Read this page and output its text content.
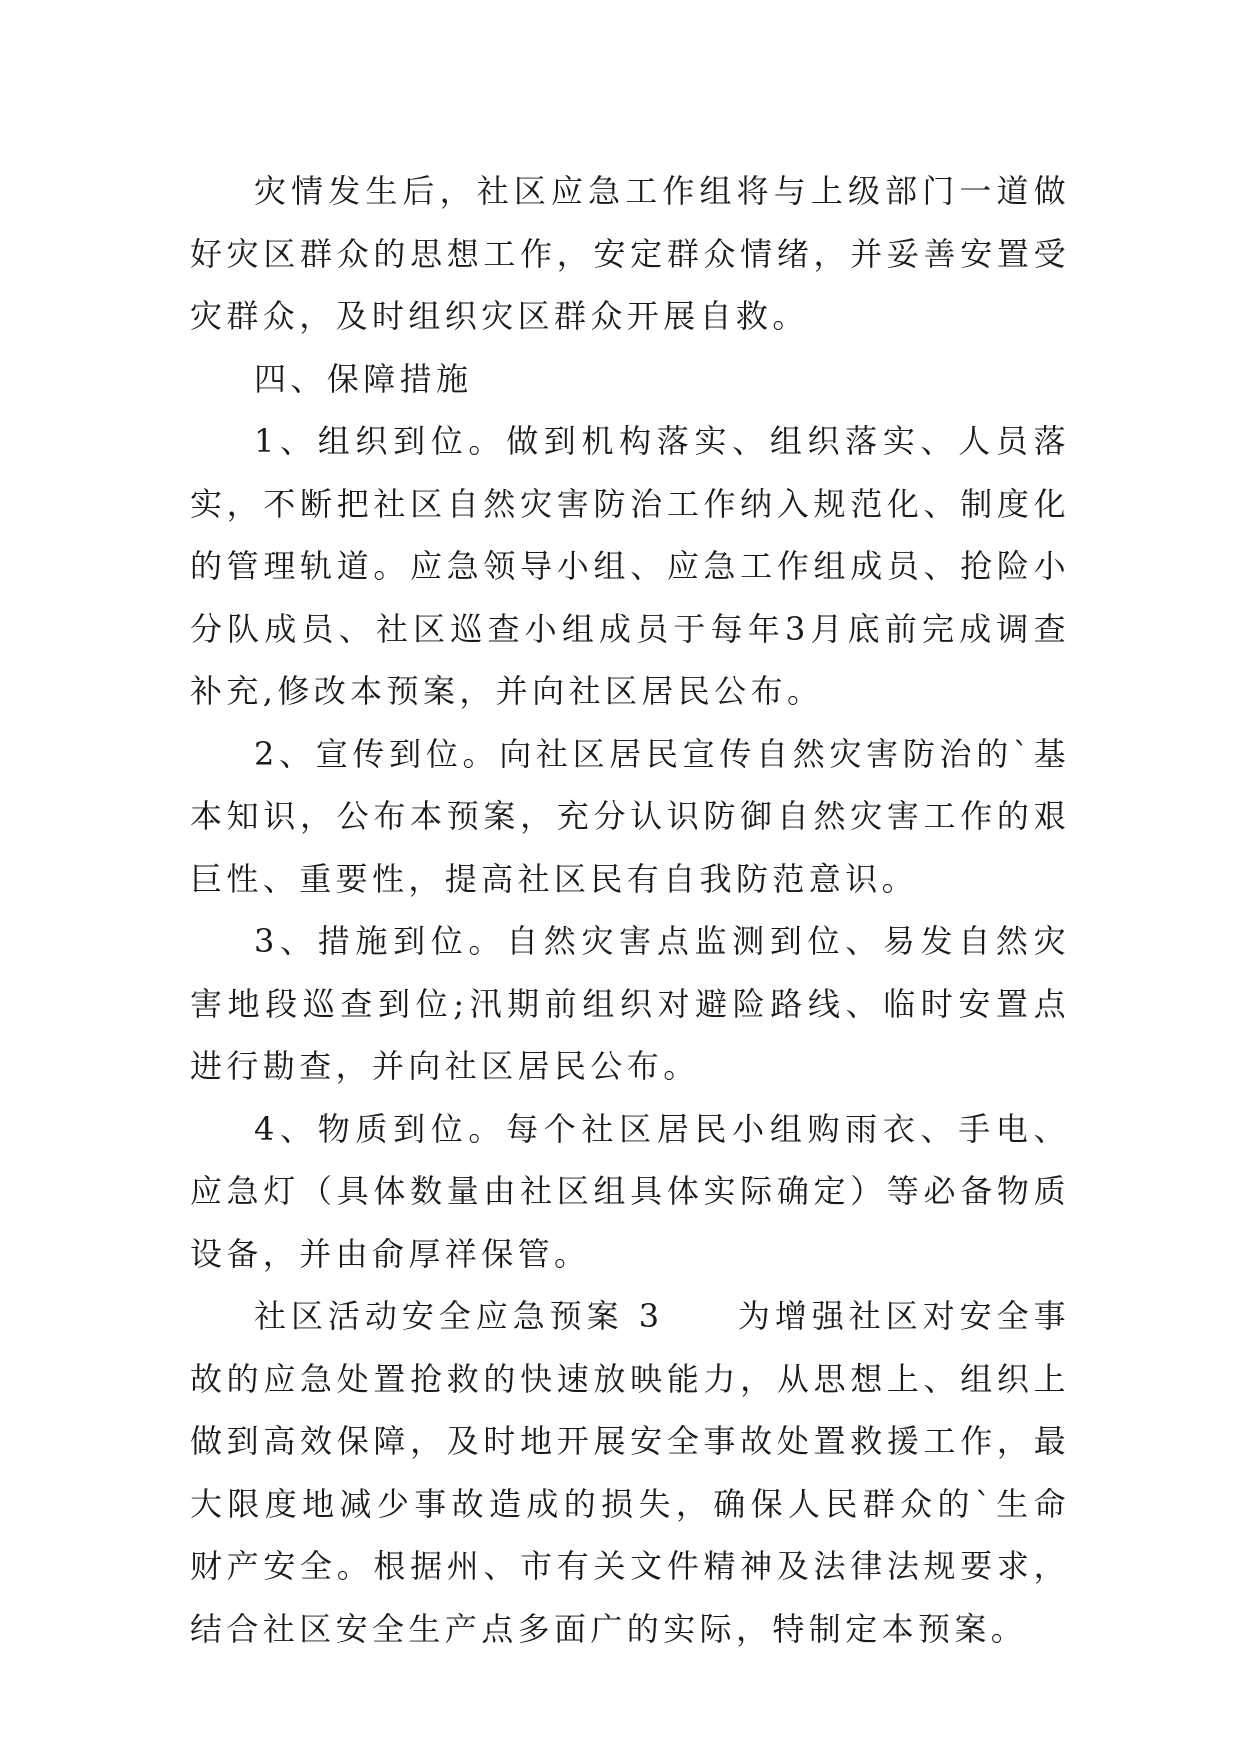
灾情发生后，社区应急工作组将与上级部门一道做好灾区群众的思想工作，安定群众情绪，并妥善安置受灾群众，及时组织灾区群众开展自救。

四、保障措施

1、组织到位。做到机构落实、组织落实、人员落实，不断把社区自然灾害防治工作纳入规范化、制度化的管理轨道。应急领导小组、应急工作组成员、抢险小分队成员、社区巡查小组成员于每年3月底前完成调查补充,修改本预案，并向社区居民公布。

2、宣传到位。向社区居民宣传自然灾害防治的`基本知识，公布本预案，充分认识防御自然灾害工作的艰巨性、重要性，提高社区民有自我防范意识。

3、措施到位。自然灾害点监测到位、易发自然灾害地段巡查到位;汛期前组织对避险路线、临时安置点进行勘查，并向社区居民公布。

4、物质到位。每个社区居民小组购雨衣、手电、应急灯（具体数量由社区组具体实际确定）等必备物质设备，并由俞厚祥保管。

社区活动安全应急预案 3　　为增强社区对安全事故的应急处置抢救的快速放映能力，从思想上、组织上做到高效保障，及时地开展安全事故处置救援工作，最大限度地减少事故造成的损失，确保人民群众的`生命财产安全。根据州、市有关文件精神及法律法规要求，结合社区安全生产点多面广的实际，特制定本预案。
